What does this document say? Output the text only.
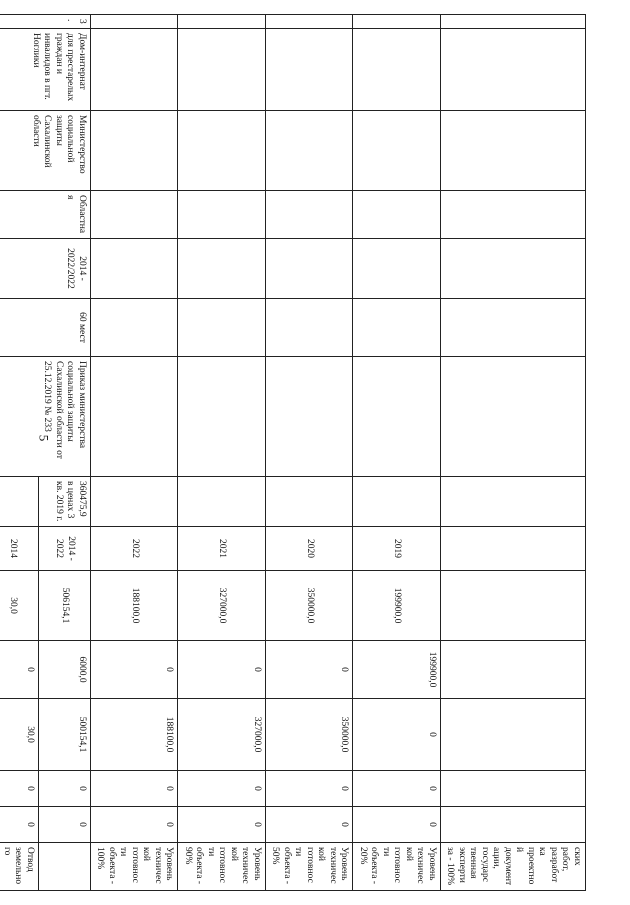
5
														ских работ, разработка проектной документации, государственная экспертиза - 100%
								2019	199900,0	199900,0	0	0	0	Уровень технической готовности объекта - 20%
								2020	350000,0	0	350000,0	0	0	Уровень технической готовности объекта - 50%
								2021	327000,0	0	327000,0	0	0	Уровень технической готовности объекта - 90%
								2022	188100,0	0	188100,0	0	0	Уровень технической готовности объекта - 100%
3.	Дом-интернат для престарелых граждан и инвалидов в пгт. Ноглики	Министерство социальной защиты Сахалинской области	Областная	2014 - 2022/2022	60 мест	Приказ министерства социальной защиты Сахалинской области от 25.12.2019 № 233	360475,9 в ценах 3 кв. 2019 г.	2014 - 2022	506154,1	6000,0	500154,1	0	0	
								2014	30,0	0	30,0	0	0	Отвод земельного
